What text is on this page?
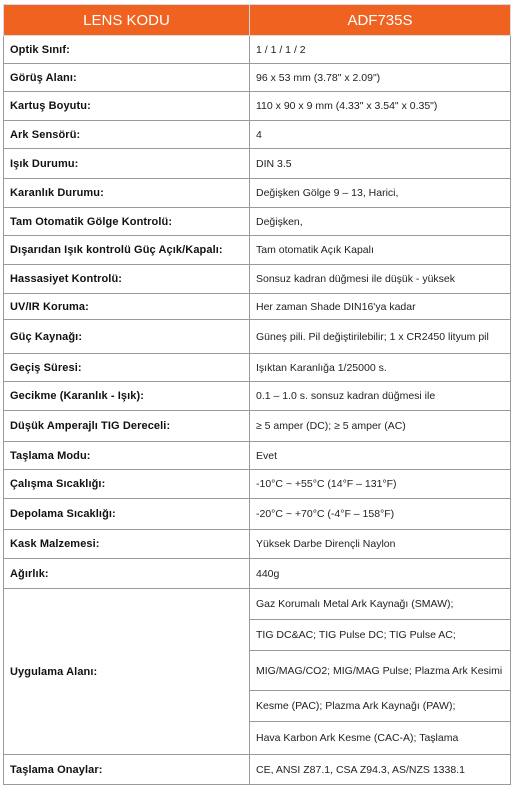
LENS KODU	ADF735S
Optik Sınıf:	1 / 1 / 1 / 2
Görüş Alanı:	96 x 53 mm (3.78" x 2.09")
Kartuş Boyutu:	110 x 90 x 9 mm (4.33" x 3.54" x 0.35")
Ark Sensörü:	4
Işık Durumu:	DIN 3.5
Karanlık Durumu:	Değişken Gölge 9 – 13, Harici,
Tam Otomatik Gölge Kontrolü:	Değişken,
Dışarıdan Işık kontrolü Güç Açık/Kapalı:	Tam otomatik Açık Kapalı
Hassasiyet Kontrolü:	Sonsuz kadran düğmesi ile düşük - yüksek
UV/IR Koruma:	Her zaman Shade DIN16'ya kadar
Güç Kaynağı:	Güneş pili. Pil değiştirilebilir; 1 x CR2450 lityum pil
Geçiş Süresi:	Işıktan Karanlığa 1/25000 s.
Gecikme (Karanlık - Işık):	0.1 – 1.0 s. sonsuz kadran düğmesi ile
Düşük Amperajlı TIG Dereceli:	≥ 5 amper (DC); ≥ 5 amper (AC)
Taşlama Modu:	Evet
Çalışma Sıcaklığı:	-10°C ~ +55°C (14°F – 131°F)
Depolama Sıcaklığı:	-20°C ~ +70°C (-4°F – 158°F)
Kask Malzemesi:	Yüksek Darbe Dirençli Naylon
Ağırlık:	440g
Uygulama Alanı:	Gaz Korumalı Metal Ark Kaynağı (SMAW);
	TIG DC&AC; TIG Pulse DC; TIG Pulse AC;
	MIG/MAG/CO2; MIG/MAG Pulse; Plazma Ark Kesimi
	Kesme (PAC); Plazma Ark Kaynağı (PAW);
	Hava Karbon Ark Kesme (CAC-A); Taşlama
Taşlama Onaylar:	CE, ANSI Z87.1, CSA Z94.3, AS/NZS 1338.1
